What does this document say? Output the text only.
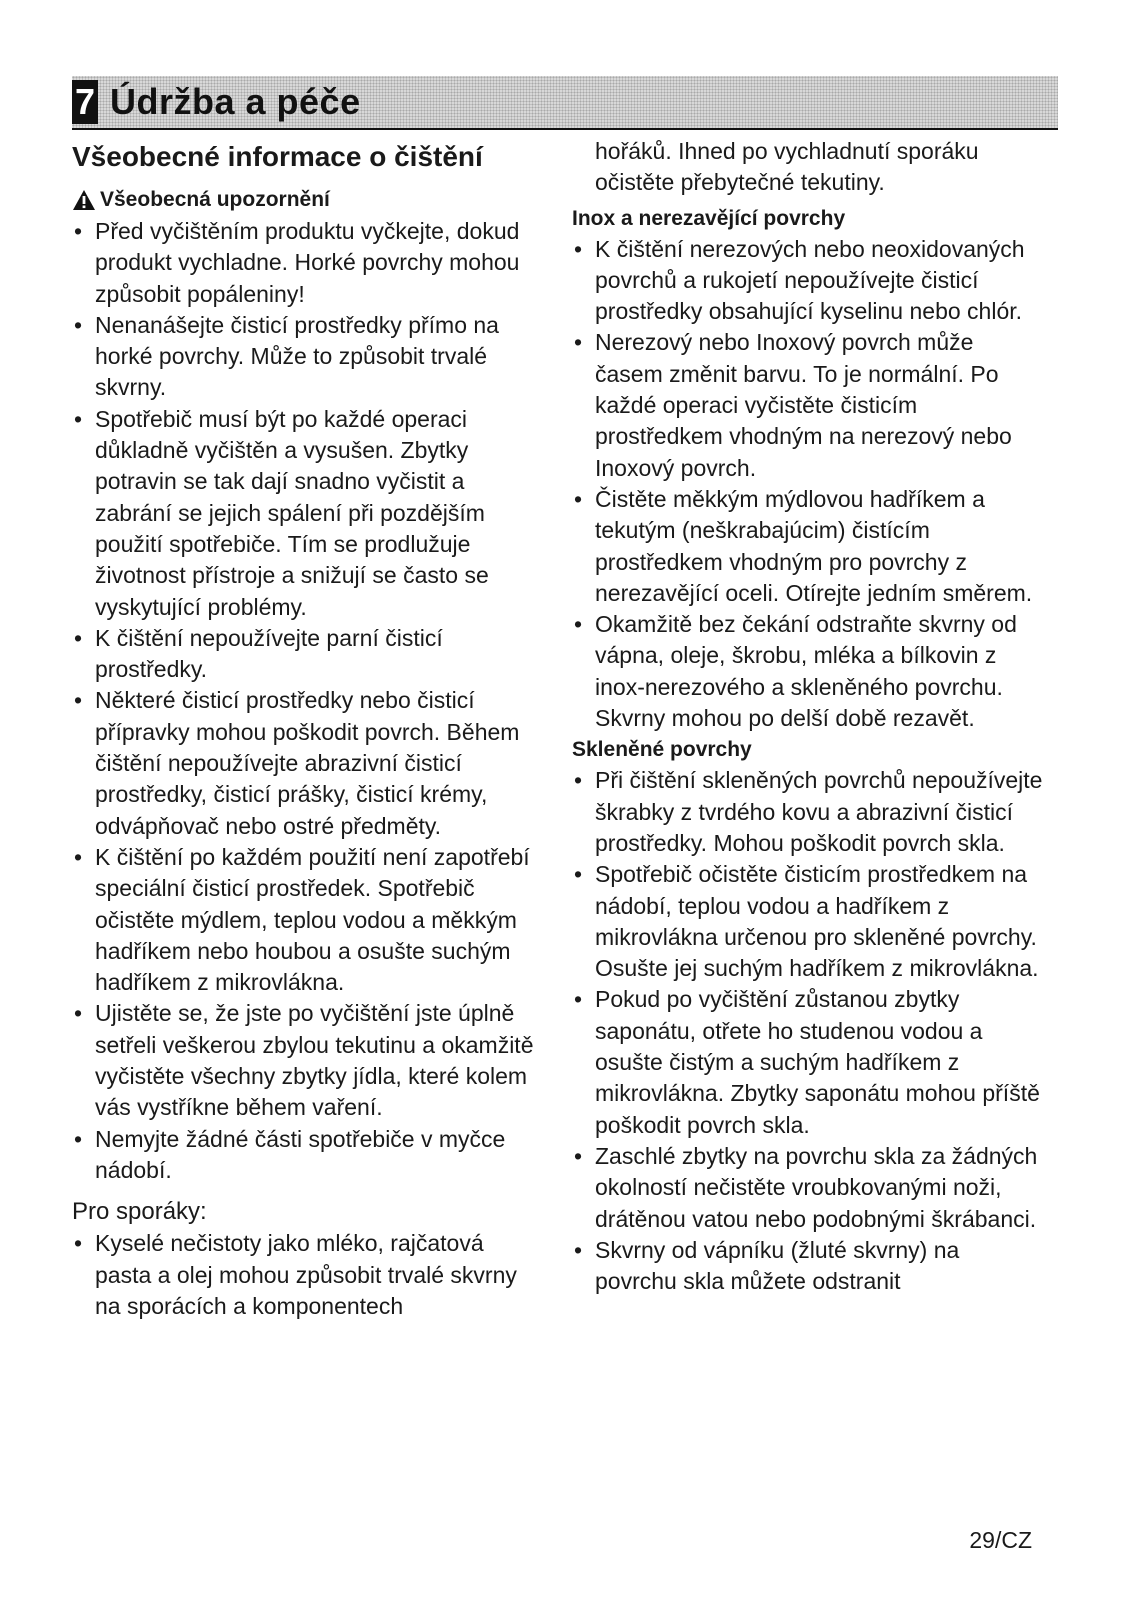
7 Údržba a péče
Všeobecné informace o čištění
Všeobecná upozornění
• Před vyčištěním produktu vyčkejte, dokud produkt vychladne. Horké povrchy mohou způsobit popáleniny!
• Nenanášejte čisticí prostředky přímo na horké povrchy. Může to způsobit trvalé skvrny.
• Spotřebič musí být po každé operaci důkladně vyčištěn a vysušen. Zbytky potravin se tak dají snadno vyčistit a zabrání se jejich spálení při pozdějším použití spotřebiče. Tím se prodlužuje životnost přístroje a snižují se často se vyskytující problémy.
• K čištění nepoužívejte parní čisticí prostředky.
• Některé čisticí prostředky nebo čisticí přípravky mohou poškodit povrch. Během čištění nepoužívejte abrazivní čisticí prostředky, čisticí prášky, čisticí krémy, odvápňovač nebo ostré předměty.
• K čištění po každém použití není zapotřebí speciální čisticí prostředek. Spotřebič očistěte mýdlem, teplou vodou a měkkým hadříkem nebo houbou a osušte suchým hadříkem z mikrovlákna.
• Ujistěte se, že jste po vyčištění jste úplně setřeli veškerou zbylou tekutinu a okamžitě vyčistěte všechny zbytky jídla, které kolem vás vystříkne během vaření.
• Nemyjte žádné části spotřebiče v myčce nádobí.
Pro sporáky:
• Kyselé nečistoty jako mléko, rajčatová pasta a olej mohou způsobit trvalé skvrny na sporácích a komponentech

hořáků. Ihned po vychladnutí sporáku očistěte přebytečné tekutiny.

Inox a nerezavějící povrchy
• K čištění nerezových nebo neoxidovaných povrchů a rukojetí nepoužívejte čisticí prostředky obsahující kyselinu nebo chlór.
• Nerezový nebo Inoxový povrch může časem změnit barvu. To je normální. Po každé operaci vyčistěte čisticím prostředkem vhodným na nerezový nebo Inoxový povrch.
• Čistěte měkkým mýdlovou hadříkem a tekutým (neškrabajúcim) čistícím prostředkem vhodným pro povrchy z nerezavějící oceli. Otírejte jedním směrem.
• Okamžitě bez čekání odstraňte skvrny od vápna, oleje, škrobu, mléka a bílkovin z inox-nerezového a skleněného povrchu. Skvrny mohou po delší době rezavět.
Skleněné povrchy
• Při čištění skleněných povrchů nepoužívejte škrabky z tvrdého kovu a abrazivní čisticí prostředky. Mohou poškodit povrch skla.
• Spotřebič očistěte čisticím prostředkem na nádobí, teplou vodou a hadříkem z mikrovlákna určenou pro skleněné povrchy. Osušte jej suchým hadříkem z mikrovlákna.
• Pokud po vyčištění zůstanou zbytky saponátu, otřete ho studenou vodou a osušte čistým a suchým hadříkem z mikrovlákna. Zbytky saponátu mohou příště poškodit povrch skla.
• Zaschlé zbytky na povrchu skla za žádných okolností nečistěte vroubkovanými noži, drátěnou vatou nebo podobnými škrábanci.
• Skvrny od vápníku (žluté skvrny) na povrchu skla můžete odstranit
29/CZ
